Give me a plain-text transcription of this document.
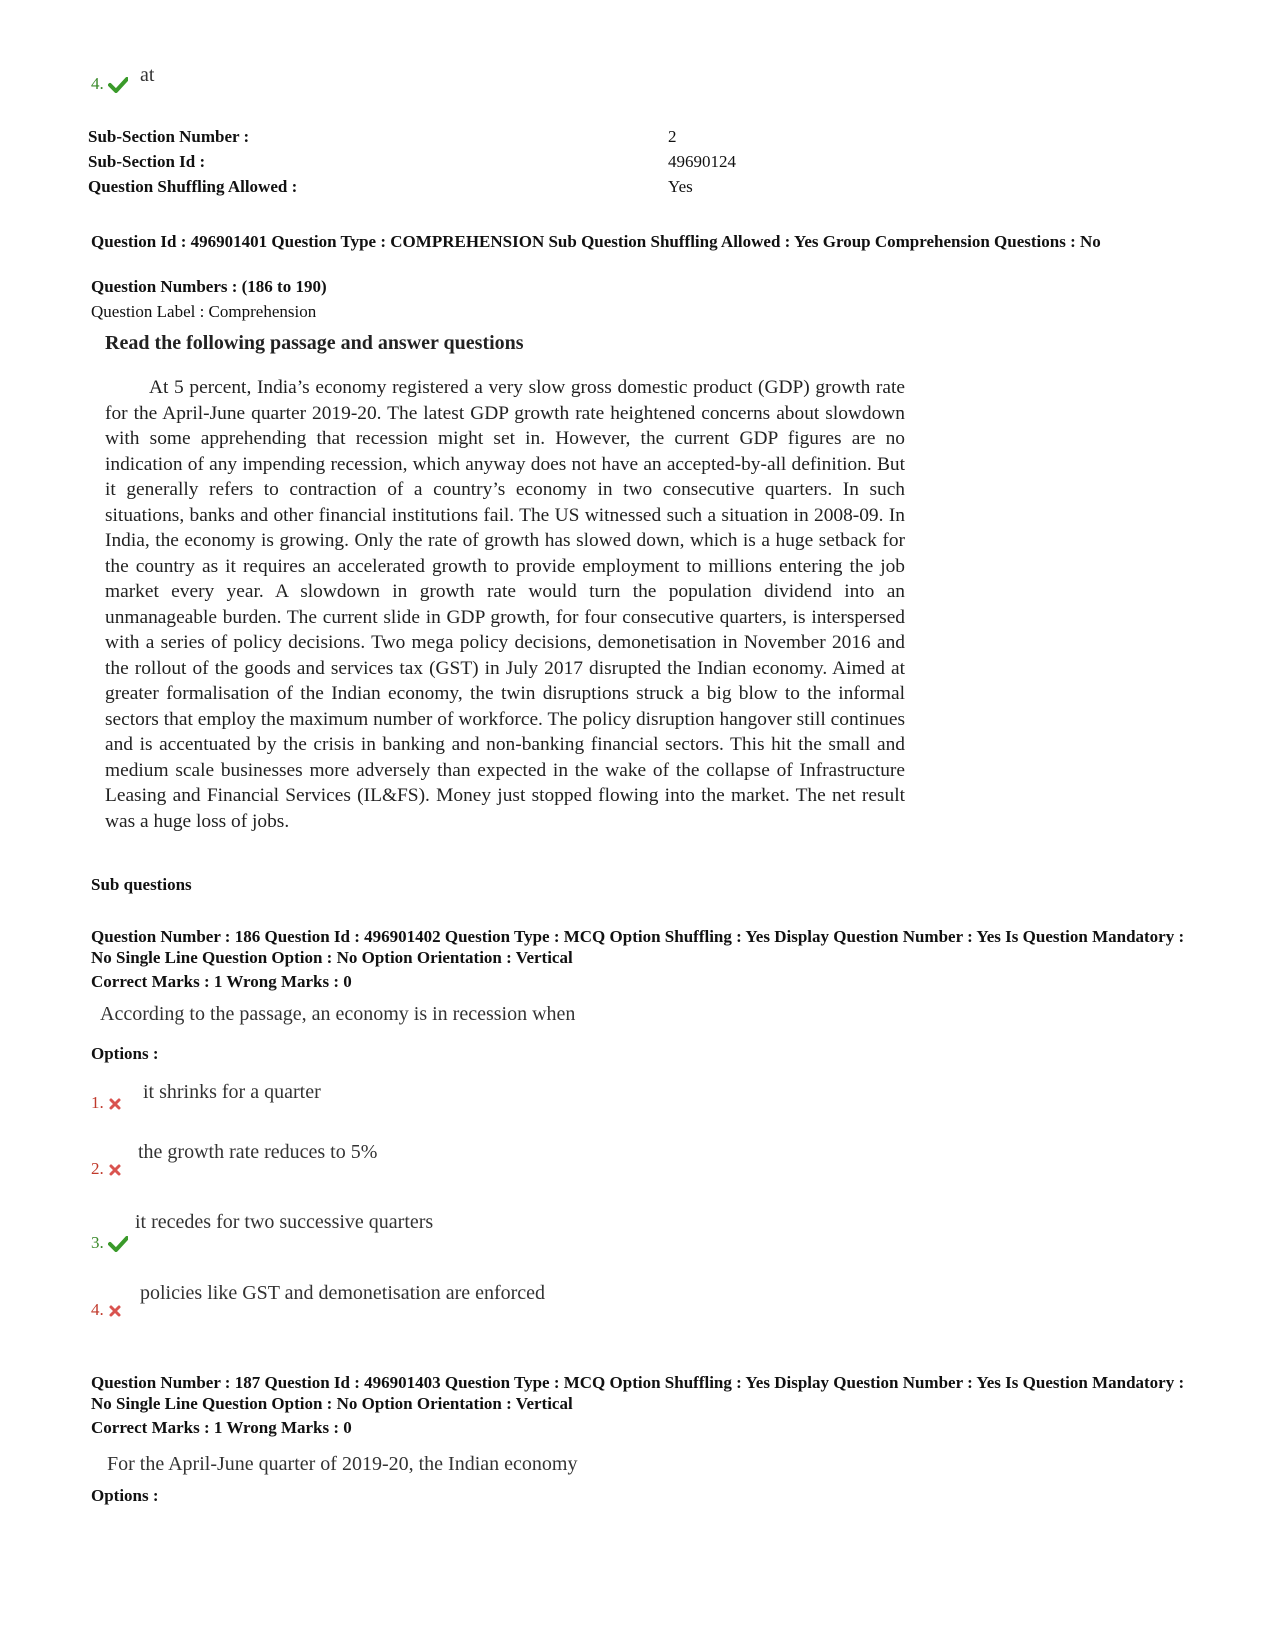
4.	at
Sub-Section Number :	2
Sub-Section Id :	49690124
Question Shuffling Allowed :	Yes
Question Id : 496901401 Question Type : COMPREHENSION Sub Question Shuffling Allowed : Yes Group Comprehension Questions : No
Question Numbers : (186 to 190)
Question Label : Comprehension
Read the following passage and answer questions
At 5 percent, India’s economy registered a very slow gross domestic product (GDP) growth rate for the April-June quarter 2019-20. The latest GDP growth rate heightened concerns about slowdown with some apprehending that recession might set in. However, the current GDP figures are no indication of any impending recession, which anyway does not have an accepted-by-all definition. But it generally refers to contraction of a country’s economy in two consecutive quarters. In such situations, banks and other financial institutions fail. The US witnessed such a situation in 2008-09. In India, the economy is growing. Only the rate of growth has slowed down, which is a huge setback for the country as it requires an accelerated growth to provide employment to millions entering the job market every year. A slowdown in growth rate would turn the population dividend into an unmanageable burden. The current slide in GDP growth, for four consecutive quarters, is interspersed with a series of policy decisions. Two mega policy decisions, demonetisation in November 2016 and the rollout of the goods and services tax (GST) in July 2017 disrupted the Indian economy. Aimed at greater formalisation of the Indian economy, the twin disruptions struck a big blow to the informal sectors that employ the maximum number of workforce. The policy disruption hangover still continues and is accentuated by the crisis in banking and non-banking financial sectors. This hit the small and medium scale businesses more adversely than expected in the wake of the collapse of Infrastructure Leasing and Financial Services (IL&FS). Money just stopped flowing into the market. The net result was a huge loss of jobs.
Sub questions
Question Number : 186 Question Id : 496901402 Question Type : MCQ Option Shuffling : Yes Display Question Number : Yes Is Question Mandatory : No Single Line Question Option : No Option Orientation : Vertical
Correct Marks : 1 Wrong Marks : 0
According to the passage, an economy is in recession when
Options :
1.	it shrinks for a quarter
2.
the growth rate reduces to 5%
3.
it recedes for two successive quarters
4.
policies like GST and demonetisation are enforced
Question Number : 187 Question Id : 496901403 Question Type : MCQ Option Shuffling : Yes Display Question Number : Yes Is Question Mandatory : No Single Line Question Option : No Option Orientation : Vertical
Correct Marks : 1 Wrong Marks : 0
For the April-June quarter of 2019-20, the Indian economy
Options :
